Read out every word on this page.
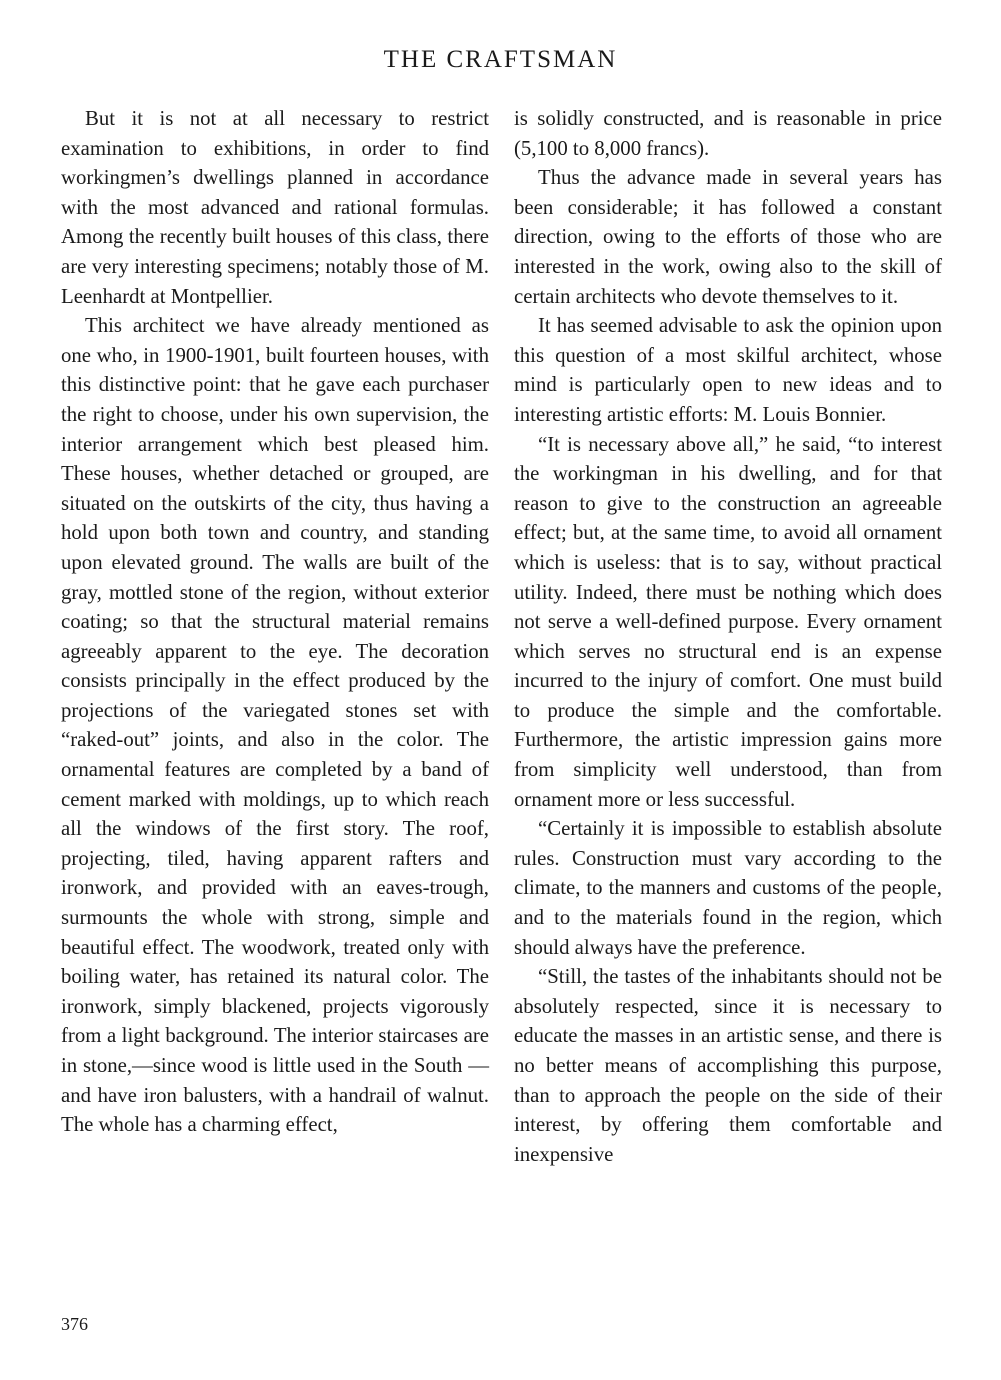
THE CRAFTSMAN

But it is not at all necessary to restrict examination to exhibitions, in order to find workingmen’s dwellings planned in accordance with the most advanced and rational formulas. Among the recently built houses of this class, there are very interesting specimens; notably those of M. Leenhardt at Montpellier.

This architect we have already mentioned as one who, in 1900-1901, built fourteen houses, with this distinctive point: that he gave each purchaser the right to choose, under his own supervision, the interior arrangement which best pleased him. These houses, whether detached or grouped, are situated on the outskirts of the city, thus having a hold upon both town and country, and standing upon elevated ground. The walls are built of the gray, mottled stone of the region, without exterior coating; so that the structural material remains agreeably apparent to the eye. The decoration consists principally in the effect produced by the projections of the variegated stones set with “raked-out” joints, and also in the color. The ornamental features are completed by a band of cement marked with moldings, up to which reach all the windows of the first story. The roof, projecting, tiled, having apparent rafters and ironwork, and provided with an eaves-trough, surmounts the whole with strong, simple and beautiful effect. The woodwork, treated only with boiling water, has retained its natural color. The ironwork, simply blackened, projects vigorously from a light background. The interior staircases are in stone,—since wood is little used in the South —and have iron balusters, with a handrail of walnut. The whole has a charming effect,

is solidly constructed, and is reasonable in price (5,100 to 8,000 francs).

Thus the advance made in several years has been considerable; it has followed a constant direction, owing to the efforts of those who are interested in the work, owing also to the skill of certain architects who devote themselves to it.

It has seemed advisable to ask the opinion upon this question of a most skilful architect, whose mind is particularly open to new ideas and to interesting artistic efforts: M. Louis Bonnier.

“It is necessary above all,” he said, “to interest the workingman in his dwelling, and for that reason to give to the construction an agreeable effect; but, at the same time, to avoid all ornament which is useless: that is to say, without practical utility. Indeed, there must be nothing which does not serve a well-defined purpose. Every ornament which serves no structural end is an expense incurred to the injury of comfort. One must build to produce the simple and the comfortable. Furthermore, the artistic impression gains more from simplicity well understood, than from ornament more or less successful.

“Certainly it is impossible to establish absolute rules. Construction must vary according to the climate, to the manners and customs of the people, and to the materials found in the region, which should always have the preference.

“Still, the tastes of the inhabitants should not be absolutely respected, since it is necessary to educate the masses in an artistic sense, and there is no better means of accomplishing this purpose, than to approach the people on the side of their interest, by offering them comfortable and inexpensive

376
